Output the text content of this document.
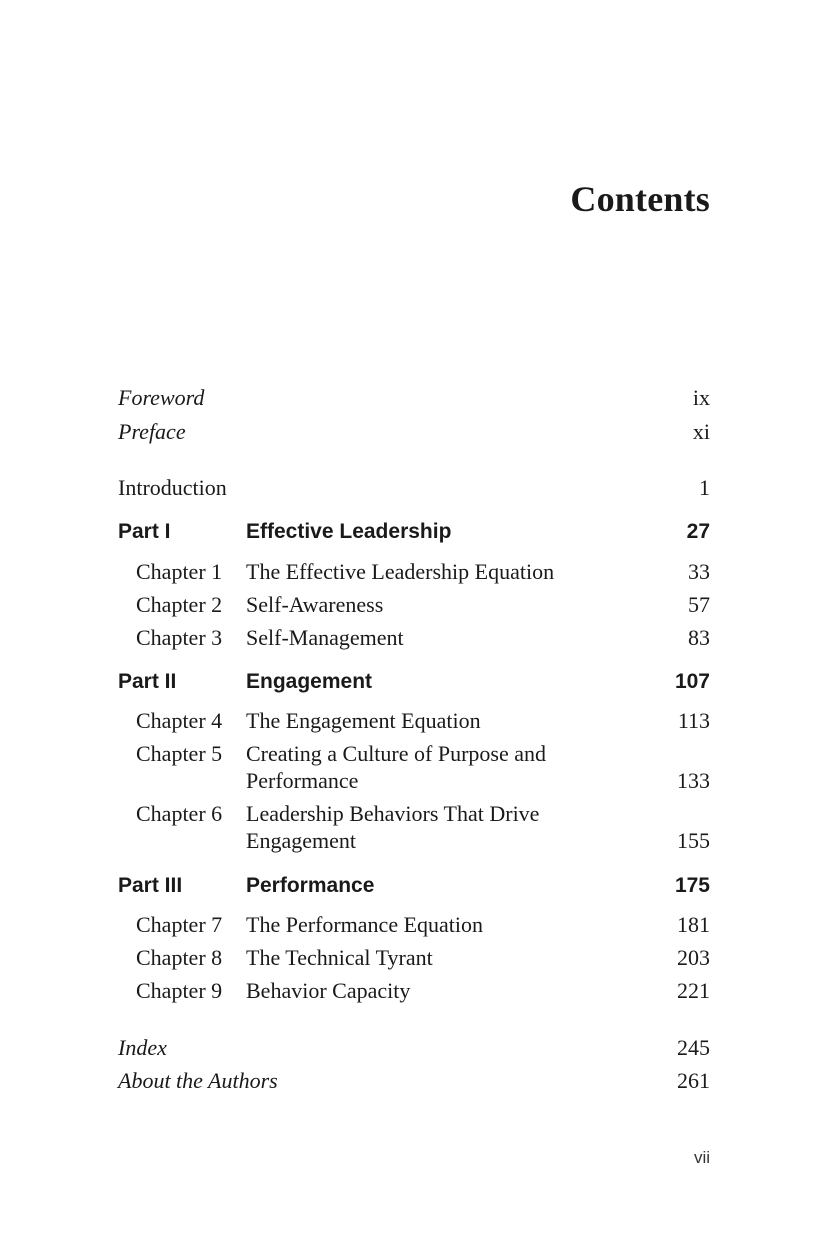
Contents
Foreword	ix
Preface	xi
Introduction	1
Part I	Effective Leadership	27
Chapter 1 The Effective Leadership Equation	33
Chapter 2 Self-Awareness	57
Chapter 3 Self-Management	83
Part II	Engagement	107
Chapter 4 The Engagement Equation	113
Chapter 5 Creating a Culture of Purpose and
Performance	133
Chapter 6 Leadership Behaviors That Drive
Engagement	155
Part III	Performance	175
Chapter 7 The Performance Equation	181
Chapter 8 The Technical Tyrant	203
Chapter 9 Behavior Capacity	221
Index	245
About the Authors	261
vii
